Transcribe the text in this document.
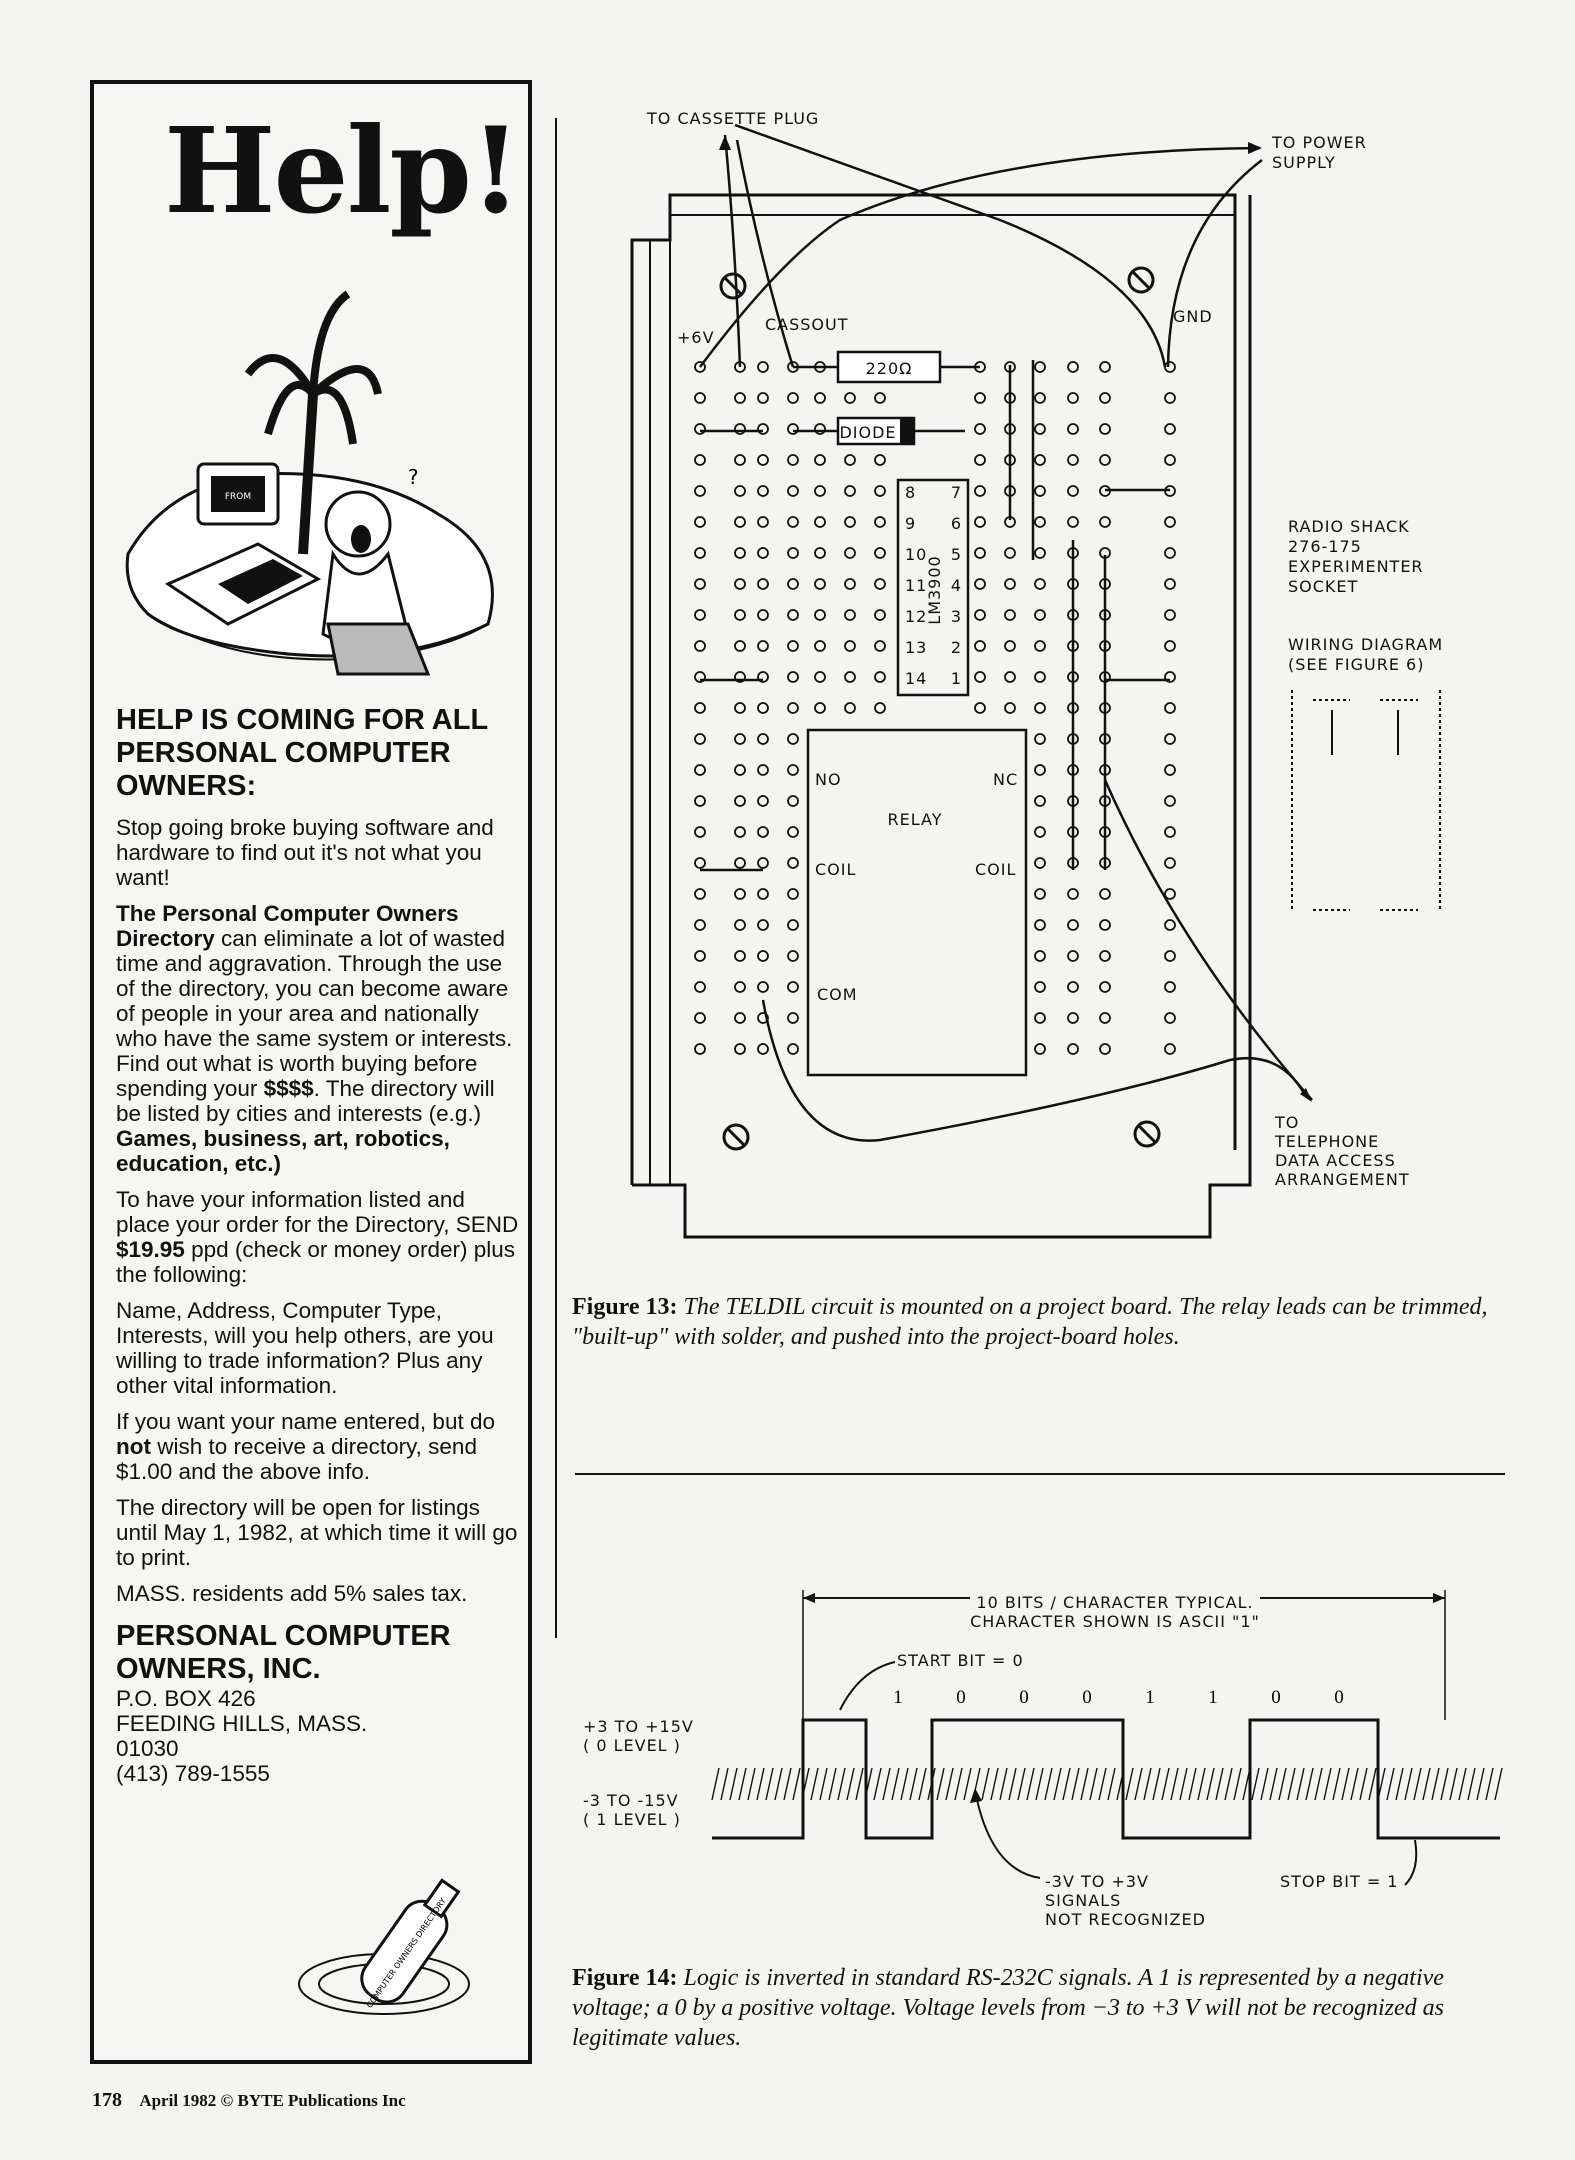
Help!
FROM
?
HELP IS COMING FOR ALL PERSONAL COMPUTER OWNERS:

Stop going broke buying software and hardware to find out it's not what you want!

The Personal Computer Owners Directory can eliminate a lot of wasted time and aggravation. Through the use of the directory, you can become aware of people in your area and nationally who have the same system or interests. Find out what is worth buying before spending your $$$$. The directory will be listed by cities and interests (e.g.) Games, business, art, robotics, education, etc.)

To have your information listed and place your order for the Directory, SEND $19.95 ppd (check or money order) plus the following:

Name, Address, Computer Type, Interests, will you help others, are you willing to trade information? Plus any other vital information.

If you want your name entered, but do not wish to receive a directory, send $1.00 and the above info.

The directory will be open for listings until May 1, 1982, at which time it will go to print.

MASS. residents add 5% sales tax.

PERSONAL COMPUTER OWNERS, INC.
P.O. BOX 426
FEEDING HILLS, MASS.
01030
(413) 789-1555
COMPUTER OWNERS DIRECTORY
220Ω
DIODE
LM3900
8
9
10
11
12
13
14
7
6
5
4
3
2
1
RELAY
NO	NC
COIL	COIL
COM
TO CASSETTE PLUG
TO POWER SUPPLY
+6V
CASSOUT	GND
RADIO SHACK 276-175 EXPERIMENTER SOCKET
WIRING DIAGRAM (SEE FIGURE 6)
TO TELEPHONE DATA ACCESS ARRANGEMENT
Figure 13: The TELDIL circuit is mounted on a project board. The relay leads can be trimmed, "built-up" with solder, and pushed into the project-board holes.
10 BITS / CHARACTER TYPICAL. CHARACTER SHOWN IS ASCII "1"
START BIT = 0
1	0	0	0	1	1	0	0
+3 TO +15V ( 0 LEVEL )
-3 TO -15V ( 1 LEVEL )
-3V TO +3V SIGNALS NOT RECOGNIZED
STOP BIT = 1
Figure 14: Logic is inverted in standard RS-232C signals. A 1 is represented by a negative voltage; a 0 by a positive voltage. Voltage levels from −3 to +3 V will not be recognized as legitimate values.
178 April 1982 © BYTE Publications Inc
